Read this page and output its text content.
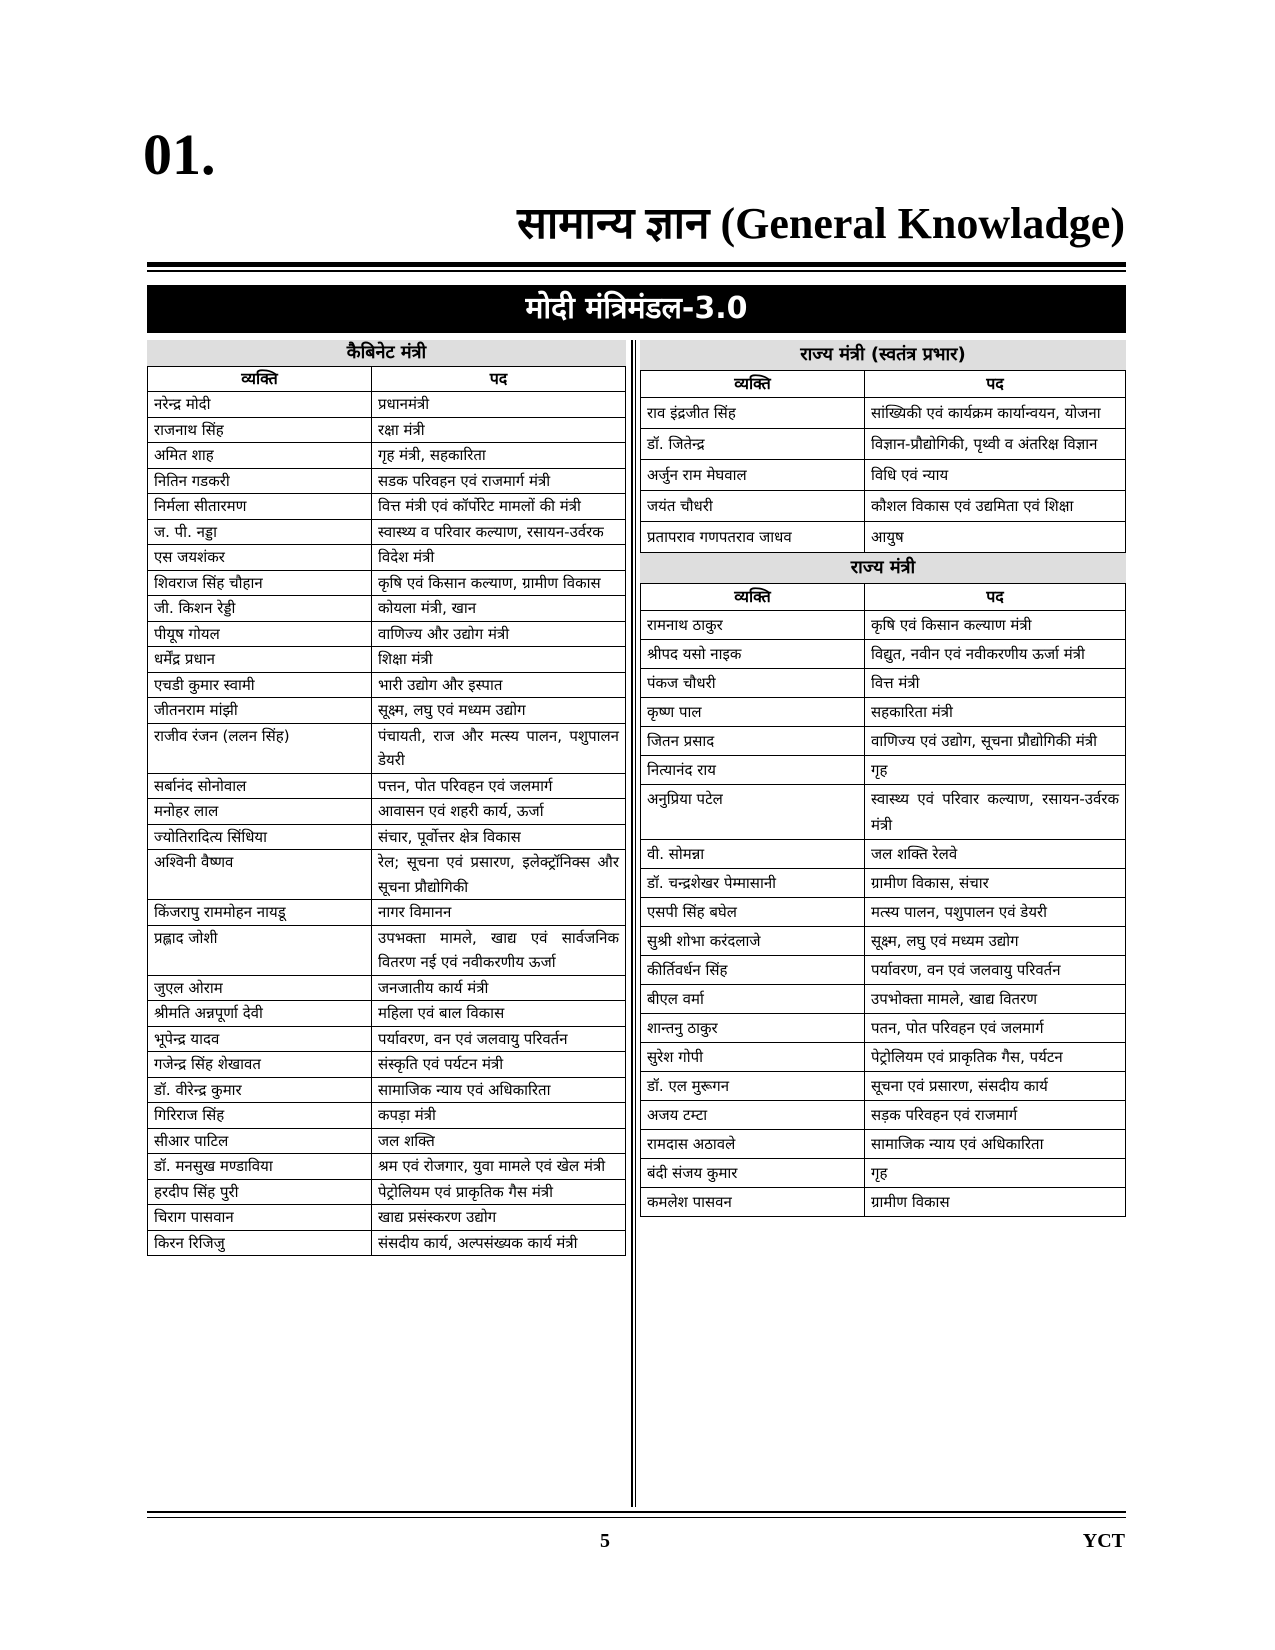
01.
सामान्य ज्ञान (General Knowladge)
मोदी मंत्रिमंडल-3.0
कैबिनेट मंत्री
व्यक्ति	पद
नरेन्द्र मोदी	प्रधानमंत्री
राजनाथ सिंह	रक्षा मंत्री
अमित शाह	गृह मंत्री, सहकारिता
नितिन गडकरी	सडक परिवहन एवं राजमार्ग मंत्री
निर्मला सीतारमण	वित्त मंत्री एवं कॉर्पोरेट मामलों की मंत्री
ज. पी. नड्डा	स्वास्थ्य व परिवार कल्याण, रसायन-उर्वरक
एस जयशंकर	विदेश मंत्री
शिवराज सिंह चौहान	कृषि एवं किसान कल्याण, ग्रामीण विकास
जी. किशन रेड्डी	कोयला मंत्री, खान
पीयूष गोयल	वाणिज्य और उद्योग मंत्री
धर्मेंद्र प्रधान	शिक्षा मंत्री
एचडी कुमार स्वामी	भारी उद्योग और इस्पात
जीतनराम मांझी	सूक्ष्म, लघु एवं मध्यम उद्योग
राजीव रंजन (ललन सिंह)	पंचायती, राज और मत्स्य पालन, पशुपालन डेयरी
सर्बानंद सोनोवाल	पत्तन, पोत परिवहन एवं जलमार्ग
मनोहर लाल	आवासन एवं शहरी कार्य, ऊर्जा
ज्योतिरादित्य सिंधिया	संचार, पूर्वोत्तर क्षेत्र विकास
अश्विनी वैष्णव	रेल; सूचना एवं प्रसारण, इलेक्ट्रॉनिक्स और सूचना प्रौद्योगिकी
किंजरापु राममोहन नायडू	नागर विमानन
प्रह्लाद जोशी	उपभक्ता मामले, खाद्य एवं सार्वजनिक वितरण नई एवं नवीकरणीय ऊर्जा
जुएल ओराम	जनजातीय कार्य मंत्री
श्रीमति अन्नपूर्णा देवी	महिला एवं बाल विकास
भूपेन्द्र यादव	पर्यावरण, वन एवं जलवायु परिवर्तन
गजेन्द्र सिंह शेखावत	संस्कृति एवं पर्यटन मंत्री
डॉ. वीरेन्द्र कुमार	सामाजिक न्याय एवं अधिकारिता
गिरिराज सिंह	कपड़ा मंत्री
सीआर पाटिल	जल शक्ति
डॉ. मनसुख मण्डाविया	श्रम एवं रोजगार, युवा मामले एवं खेल मंत्री
हरदीप सिंह पुरी	पेट्रोलियम एवं प्राकृतिक गैस मंत्री
चिराग पासवान	खाद्य प्रसंस्करण उद्योग
किरन रिजिजु	संसदीय कार्य, अल्पसंख्यक कार्य मंत्री
राज्य मंत्री (स्वतंत्र प्रभार)
व्यक्ति	पद
राव इंद्रजीत सिंह	सांख्यिकी एवं कार्यक्रम कार्यान्वयन, योजना
डॉ. जितेन्द्र	विज्ञान-प्रौद्योगिकी, पृथ्वी व अंतरिक्ष विज्ञान
अर्जुन राम मेघवाल	विधि एवं न्याय
जयंत चौधरी	कौशल विकास एवं उद्यमिता एवं शिक्षा
प्रतापराव गणपतराव जाधव	आयुष
राज्य मंत्री
व्यक्ति	पद
रामनाथ ठाकुर	कृषि एवं किसान कल्याण मंत्री
श्रीपद यसो नाइक	विद्युत, नवीन एवं नवीकरणीय ऊर्जा मंत्री
पंकज चौधरी	वित्त मंत्री
कृष्ण पाल	सहकारिता मंत्री
जितन प्रसाद	वाणिज्य एवं उद्योग, सूचना प्रौद्योगिकी मंत्री
नित्यानंद राय	गृह
अनुप्रिया पटेल	स्वास्थ्य एवं परिवार कल्याण, रसायन-उर्वरक मंत्री
वी. सोमन्ना	जल शक्ति रेलवे
डॉ. चन्द्रशेखर पेम्मासानी	ग्रामीण विकास, संचार
एसपी सिंह बघेल	मत्स्य पालन, पशुपालन एवं डेयरी
सुश्री शोभा करंदलाजे	सूक्ष्म, लघु एवं मध्यम उद्योग
कीर्तिवर्धन सिंह	पर्यावरण, वन एवं जलवायु परिवर्तन
बीएल वर्मा	उपभोक्ता मामले, खाद्य वितरण
शान्तनु ठाकुर	पतन, पोत परिवहन एवं जलमार्ग
सुरेश गोपी	पेट्रोलियम एवं प्राकृतिक गैस, पर्यटन
डॉ. एल मुरूगन	सूचना एवं प्रसारण, संसदीय कार्य
अजय टम्टा	सड़क परिवहन एवं राजमार्ग
रामदास अठावले	सामाजिक न्याय एवं अधिकारिता
बंदी संजय कुमार	गृह
कमलेश पासवन	ग्रामीण विकास
5	YCT
